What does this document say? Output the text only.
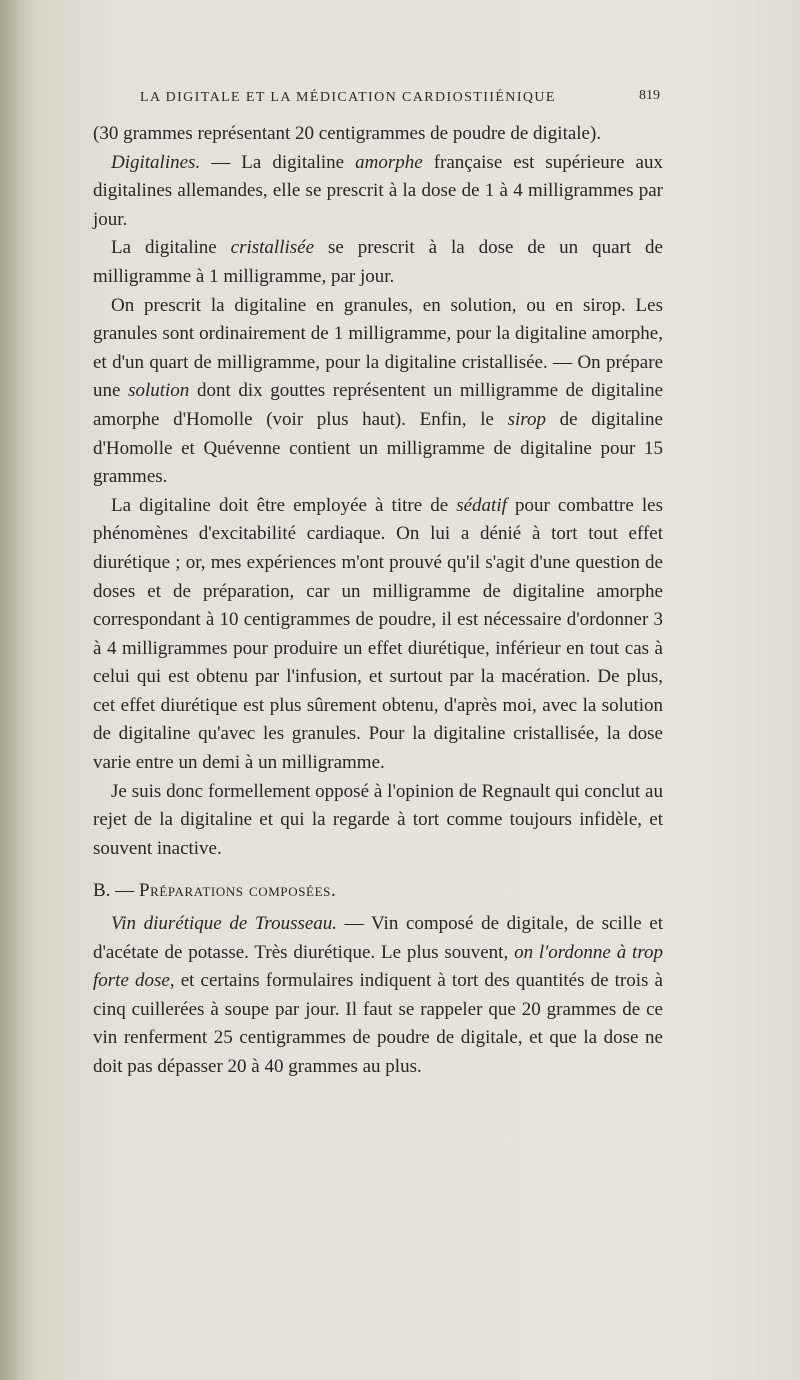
LA DIGITALE ET LA MÉDICATION CARDIOSTIIÉNIQUE	819

(30 grammes représentant 20 centigrammes de poudre de digitale).

Digitalines. — La digitaline amorphe française est supérieure aux digitalines allemandes, elle se prescrit à la dose de 1 à 4 milligrammes par jour.

La digitaline cristallisée se prescrit à la dose de un quart de milligramme à 1 milligramme, par jour.

On prescrit la digitaline en granules, en solution, ou en sirop. Les granules sont ordinairement de 1 milligramme, pour la digitaline amorphe, et d'un quart de milligramme, pour la digitaline cristallisée. — On prépare une solution dont dix gouttes représentent un milligramme de digitaline amorphe d'Homolle (voir plus haut). Enfin, le sirop de digitaline d'Homolle et Quévenne contient un milligramme de digitaline pour 15 grammes.

La digitaline doit être employée à titre de sédatif pour combattre les phénomènes d'excitabilité cardiaque. On lui a dénié à tort tout effet diurétique ; or, mes expériences m'ont prouvé qu'il s'agit d'une question de doses et de préparation, car un milligramme de digitaline amorphe correspondant à 10 centigrammes de poudre, il est nécessaire d'ordonner 3 à 4 milligrammes pour produire un effet diurétique, inférieur en tout cas à celui qui est obtenu par l'infusion, et surtout par la macération. De plus, cet effet diurétique est plus sûrement obtenu, d'après moi, avec la solution de digitaline qu'avec les granules. Pour la digitaline cristallisée, la dose varie entre un demi à un milligramme.

Je suis donc formellement opposé à l'opinion de Regnault qui conclut au rejet de la digitaline et qui la regarde à tort comme toujours infidèle, et souvent inactive.

B. — Préparations composées.

Vin diurétique de Trousseau. — Vin composé de digitale, de scille et d'acétate de potasse. Très diurétique. Le plus souvent, on l'ordonne à trop forte dose, et certains formulaires indiquent à tort des quantités de trois à cinq cuillerées à soupe par jour. Il faut se rappeler que 20 grammes de ce vin renferment 25 centigrammes de poudre de digitale, et que la dose ne doit pas dépasser 20 à 40 grammes au plus.
